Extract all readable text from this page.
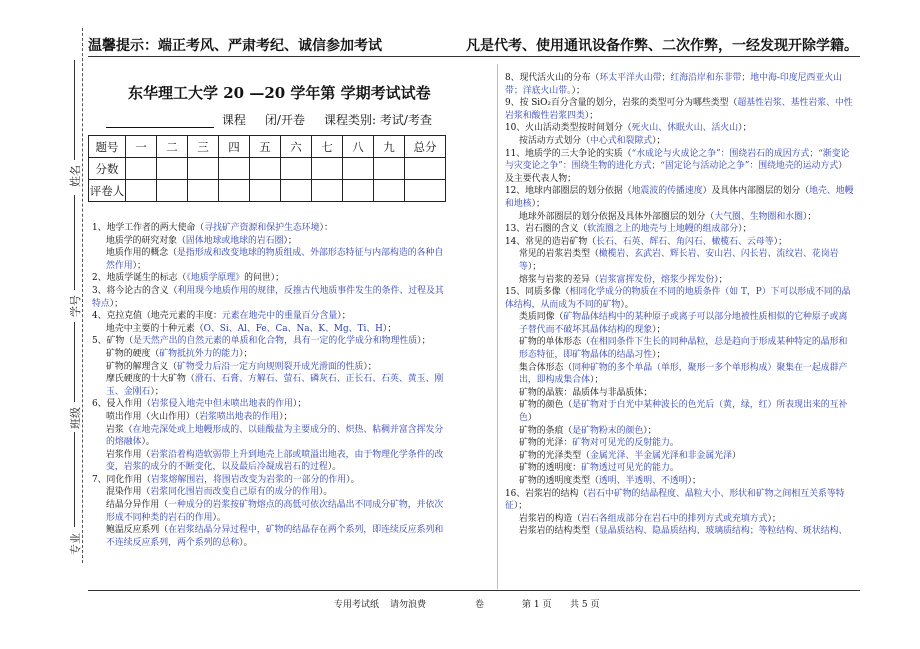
温馨提示：端正考风、严肃考纪、诚信参加考试	凡是代考、使用通讯设备作弊、二次作弊，一经发现开除学籍。
姓名
学号
班级
专业
东华理工大学 20 —20 学年第 学期考试试卷
课程 闭/开卷 课程类别: 考试/考查
题号	一	二	三	四	五	六	七	八	九	总分
分数										
评卷人										

1、地学工作者的两大使命（寻找矿产资源和保护生态环境）：

地质学的研究对象（固体地球或地球的岩石圈）；

地质作用的概念（是指形成和改变地球的物质组成、外部形态特征与内部构造的各种自然作用）；

2、地质学诞生的标志（《地质学原理》的问世）；

3、将今论古的含义（利用现今地质作用的规律，反推古代地质事件发生的条件、过程及其特点）；

4、克拉克值（地壳元素的丰度：元素在地壳中的重量百分含量）；

地壳中主要的十种元素（O、Si、Al、Fe、Ca、Na、K、Mg、Ti、H）；

5、矿物（是天然产出的自然元素的单质和化合物，具有一定的化学成分和物理性质）；

矿物的硬度（矿物抵抗外力的能力）；

矿物的解理含义（矿物受力后沿一定方向规则裂开成光滑面的性质）；

摩氏硬度的十大矿物（滑石、石膏、方解石、萤石、磷灰石、正长石、石英、黄玉、刚玉、金刚石）；

6、侵入作用（岩浆侵入地壳中但未喷出地表的作用）；

喷出作用（火山作用）（岩浆喷出地表的作用）；

岩浆（在地壳深处或上地幔形成的、以硅酸盐为主要成分的、炽热、粘稠并富含挥发分的熔融体）。

岩浆作用（岩浆沿着构造软弱带上升到地壳上部或喷溢出地表，由于物理化学条件的改变，岩浆的成分的不断变化，以及最后冷凝成岩石的过程）。

7、同化作用（岩浆熔解围岩，将围岩改变为岩浆的一部分的作用）。

混染作用（岩浆同化围岩而改变自己原有的成分的作用）。

结晶分异作用（一种成分的岩浆按矿物熔点的高低可依次结晶出不同成分矿物，并依次形成不同种类的岩石的作用）。

鲍温反应系列（在岩浆结晶分异过程中，矿物的结晶存在两个系列，即连续反应系列和不连续反应系列，两个系列的总称）。

8、现代活火山的分布（环太平洋火山带；红海沿岸和东非带；地中海-印度尼西亚火山带；洋底火山带。）；

9、按 SiO₂百分含量的划分，岩浆的类型可分为哪些类型（超基性岩浆、基性岩浆、中性岩浆和酸性岩浆四类）；

10、火山活动类型按时间划分（死火山、休眠火山、活火山）；

按活动方式划分（中心式和裂隙式）；

11、地质学的三大争论的实质（“水成论与火成论之争”：围绕岩石的成因方式；“渐变论与灾变论之争”：围绕生物的进化方式；“固定论与活动论之争”：围绕地壳的运动方式）及主要代表人物；

12、地球内部圈层的划分依据（地震波的传播速度）及具体内部圈层的划分（地壳、地幔和地核）；

地球外部圈层的划分依据及具体外部圈层的划分（大气圈、生物圈和水圈）；

13、岩石圈的含义（软流圈之上的地壳与上地幔的组成部分）；

14、常见的造岩矿物（长石、石英、辉石、角闪石、橄榄石、云母等）；

常见的岩浆岩类型（橄榄岩、玄武岩、辉长岩、安山岩、闪长岩、流纹岩、花岗岩等）；

熔浆与岩浆的差异（岩浆富挥发份，熔浆少挥发份）；

15、同质多像（相同化学成分的物质在不同的地质条件（如 T，P）下可以形成不同的晶体结构，从而成为不同的矿物）。

类质同像（矿物晶体结构中的某种原子或离子可以部分地被性质相似的它种原子或离子替代而不破坏其晶体结构的现象）；

矿物的单体形态（在相同条件下生长的同种晶粒，总是趋向于形成某种特定的晶形和形态特征，即矿物晶体的结晶习性）；

集合体形态（同种矿物的多个单晶（单形，聚形一多个单形构成）聚集在一起成群产出，即构成集合体）；

矿物的晶簇：晶质体与非晶质体；

矿物的颜色（是矿物对于白光中某种波长的色光后（黄，绿，红）所表现出来的互补色）

矿物的条痕（是矿物粉末的颜色）；

矿物的光泽：矿物对可见光的反射能力。

矿物的光泽类型（金属光泽、半金属光泽和非金属光泽）

矿物的透明度：矿物透过可见光的能力。

矿物的透明度类型（透明、半透明、不透明）；

16、岩浆岩的结构（岩石中矿物的结晶程度、晶粒大小、形状和矿物之间相互关系等特征）；

岩浆岩的构造（岩石各组成部分在岩石中的排列方式或充填方式）；

岩浆岩的结构类型（显晶质结构、隐晶质结构、玻璃质结构；等粒结构、斑状结构、

专用考试纸 请勿浪费	卷	第 1 页 共 5 页
